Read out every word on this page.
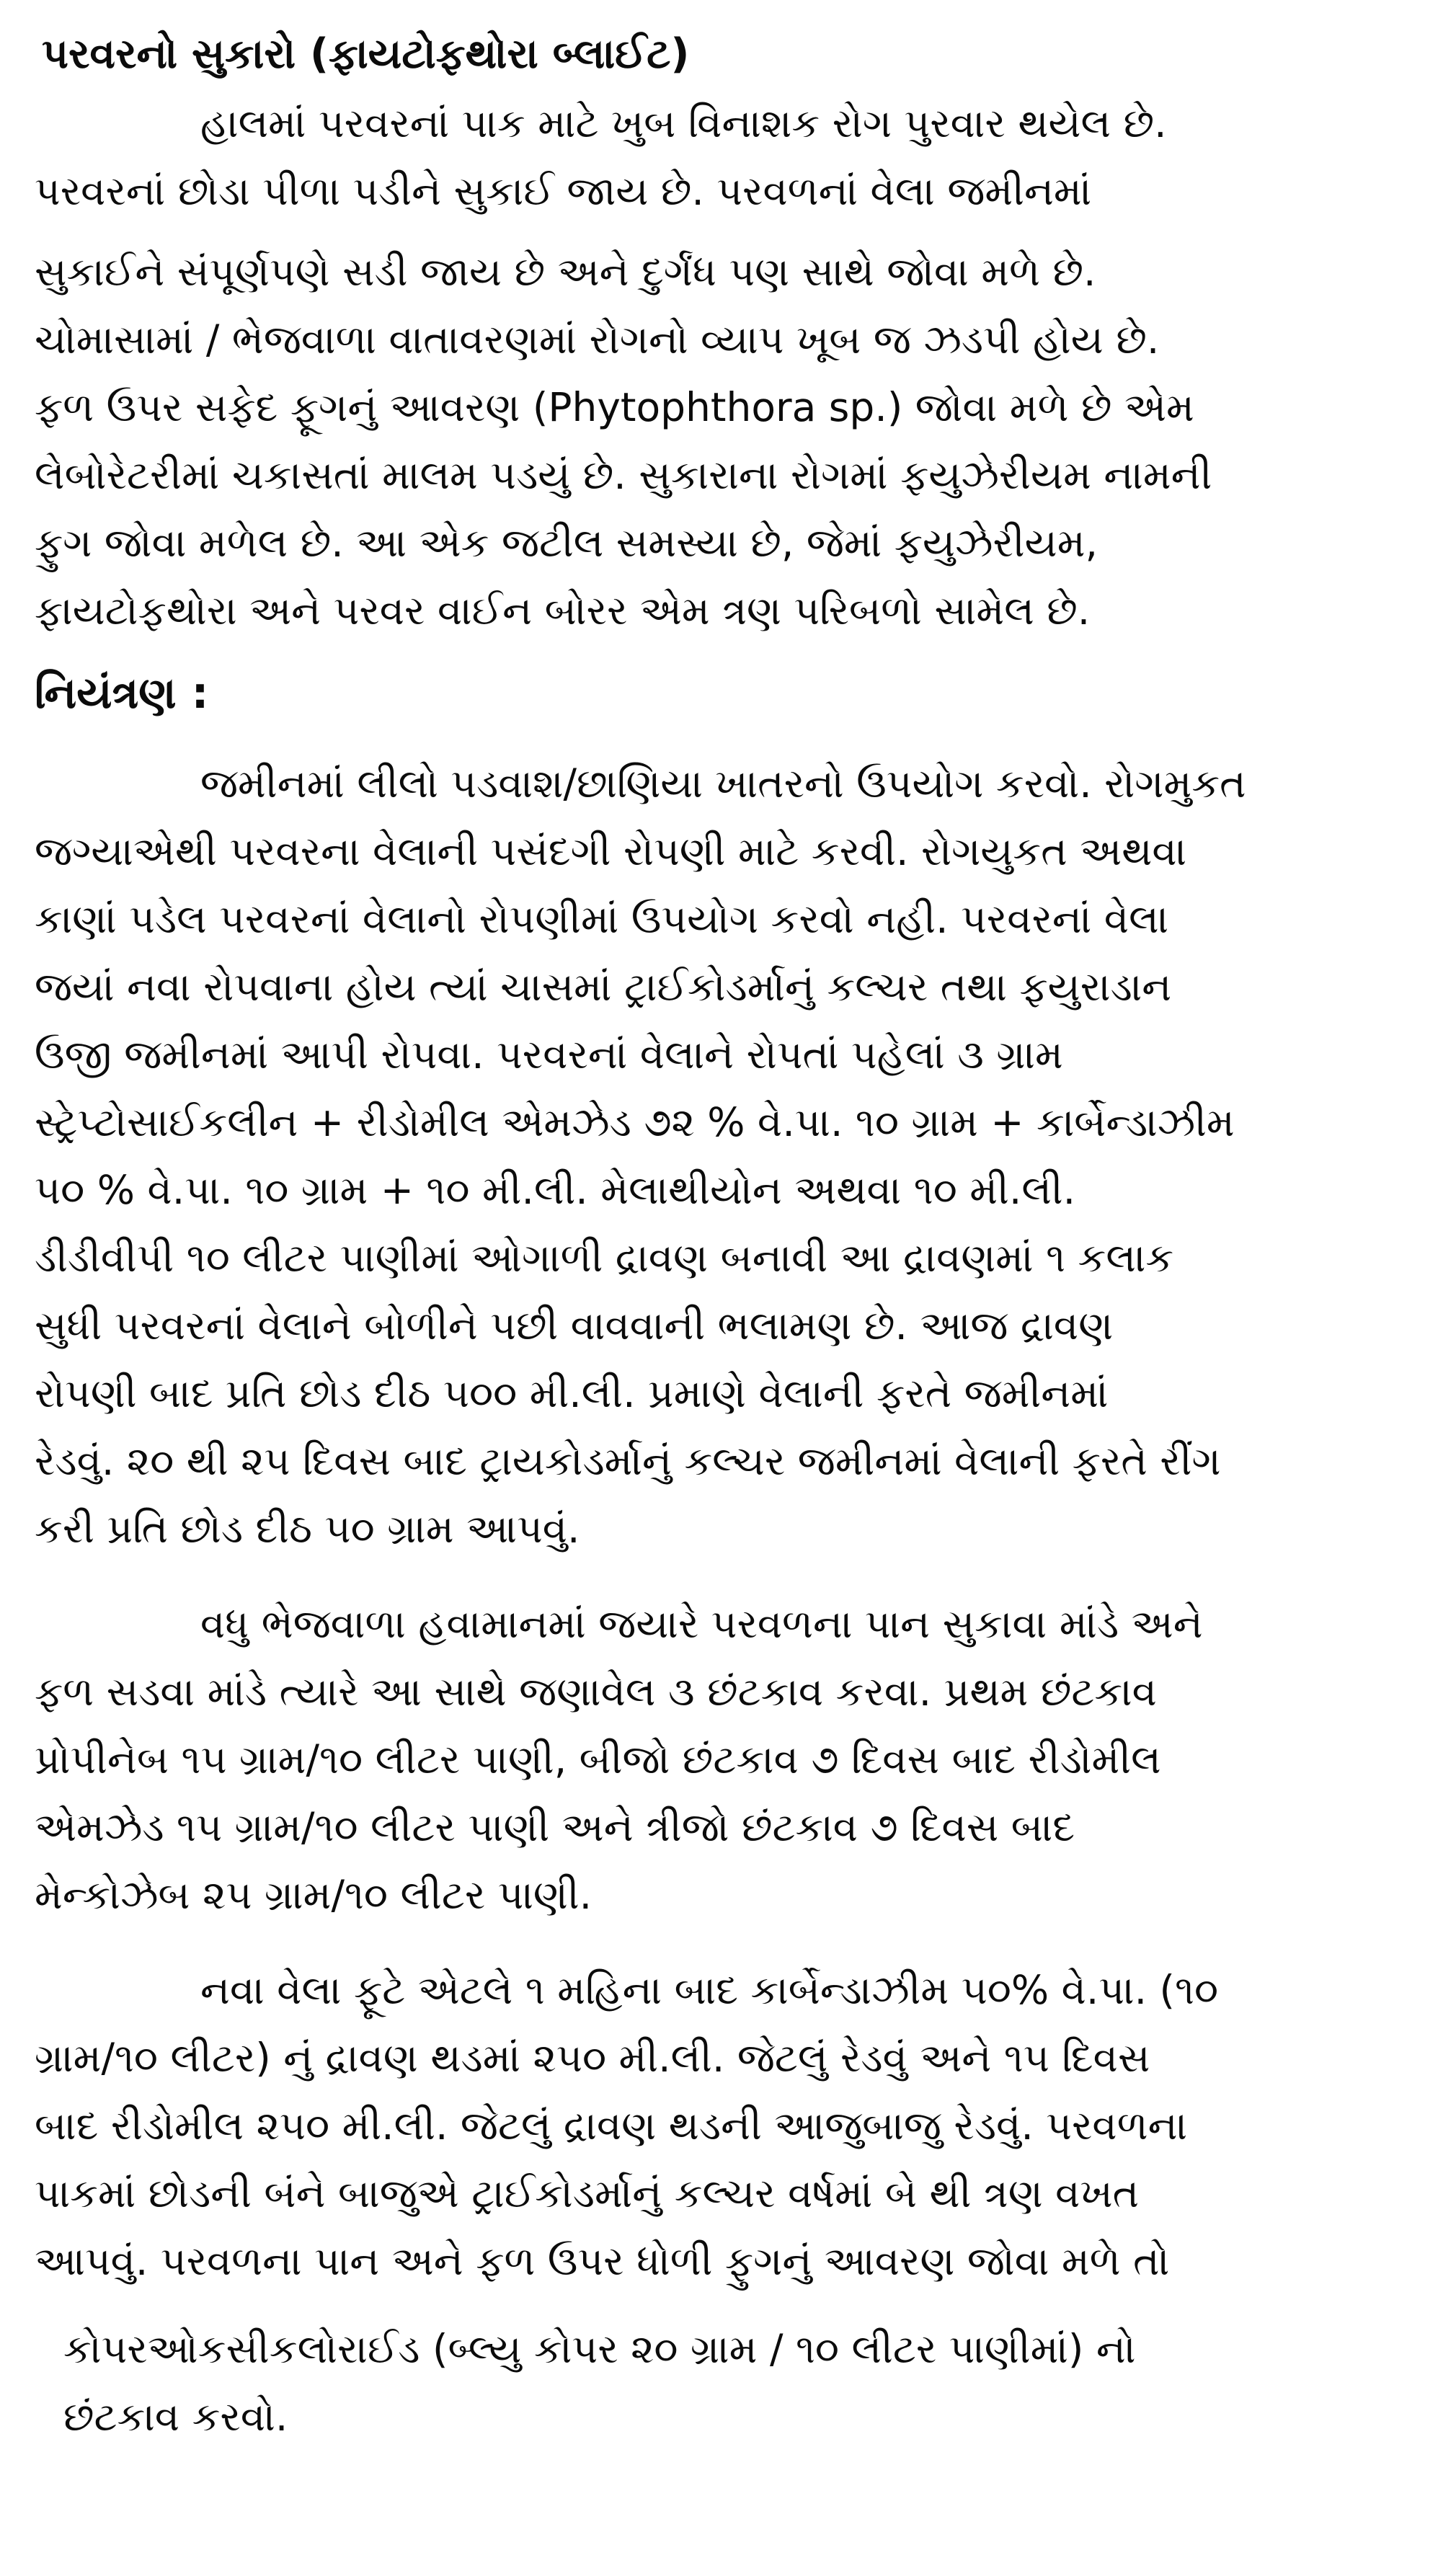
પરવરનો સુકારો (ફાયટોફથોરા બ્લાઈટ)

હાલમાં પરવરનાં પાક માટે ખુબ વિનાશક રોગ પુરવાર થયેલ છે.

પરવરનાં છોડા પીળા પડીને સુકાઈ જાય છે. પરવળનાં વેલા જમીનમાં

સુકાઈને સંપૂર્ણપણે સડી જાય છે અને દુર્ગંધ પણ સાથે જોવા મળે છે.

ચોમાસામાં / ભેજવાળા વાતાવરણમાં રોગનો વ્યાપ ખૂબ જ ઝડપી હોય છે.

ફળ ઉપર સફેદ ફૂગનું આવરણ (Phytophthora sp.) જોવા મળે છે એમ

લેબોરેટરીમાં ચકાસતાં માલમ પડયું છે. સુકારાના રોગમાં ફયુઝેરીયમ નામની

ફુગ જોવા મળેલ છે. આ એક જટીલ સમસ્યા છે, જેમાં ફયુઝેરીયમ,

ફાયટોફથોરા અને પરવર વાઈન બોરર એમ ત્રણ પરિબળો સામેલ છે.

નિયંત્રણ :

જમીનમાં લીલો પડવાશ/છાણિયા ખાતરનો ઉપયોગ કરવો. રોગમુકત

જગ્યાએથી પરવરના વેલાની પસંદગી રોપણી માટે કરવી. રોગયુકત અથવા

કાણાં પડેલ પરવરનાં વેલાનો રોપણીમાં ઉપયોગ કરવો નહી. પરવરનાં વેલા

જયાં નવા રોપવાના હોય ત્યાં ચાસમાં ટ્રાઈકોડર્માનું કલ્ચર તથા ફયુરાડાન

ઉજી જમીનમાં આપી રોપવા. પરવરનાં વેલાને રોપતાં પહેલાં ૩ ગ્રામ

સ્ટ્રેપ્ટોસાઈકલીન + રીડોમીલ એમઝેડ ૭૨ % વે.પા. ૧૦ ગ્રામ + કાર્બેન્ડાઝીમ

૫૦ % વે.પા. ૧૦ ગ્રામ + ૧૦ મી.લી. મેલાથીયોન અથવા ૧૦ મી.લી.

ડીડીવીપી ૧૦ લીટર પાણીમાં ઓગાળી દ્રાવણ બનાવી આ દ્રાવણમાં ૧ કલાક

સુધી પરવરનાં વેલાને બોળીને પછી વાવવાની ભલામણ છે. આજ દ્રાવણ

રોપણી બાદ પ્રતિ છોડ દીઠ ૫૦૦ મી.લી. પ્રમાણે વેલાની ફરતે જમીનમાં

રેડવું. ૨૦ થી ૨૫ દિવસ બાદ ટ્રાયકોડર્માનું કલ્ચર જમીનમાં વેલાની ફરતે રીંગ

કરી પ્રતિ છોડ દીઠ ૫૦ ગ્રામ આપવું.

વધુ ભેજવાળા હવામાનમાં જયારે પરવળના પાન સુકાવા માંડે અને

ફળ સડવા માંડે ત્યારે આ સાથે જણાવેલ ૩ છંટકાવ કરવા. પ્રથમ છંટકાવ

પ્રોપીનેબ ૧૫ ગ્રામ/૧૦ લીટર પાણી, બીજો છંટકાવ ૭ દિવસ બાદ રીડોમીલ

એમઝેડ ૧૫ ગ્રામ/૧૦ લીટર પાણી અને ત્રીજો છંટકાવ ૭ દિવસ બાદ

મેન્કોઝેબ ૨૫ ગ્રામ/૧૦ લીટર પાણી.

નવા વેલા ફૂટે એટલે ૧ મહિના બાદ કાર્બેન્ડાઝીમ ૫૦% વે.પા. (૧૦

ગ્રામ/૧૦ લીટર) નું દ્રાવણ થડમાં ૨૫૦ મી.લી. જેટલું રેડવું અને ૧૫ દિવસ

બાદ રીડોમીલ ૨૫૦ મી.લી. જેટલું દ્રાવણ થડની આજુબાજુ રેડવું. પરવળના

પાકમાં છોડની બંને બાજુએ ટ્રાઈકોડર્માનું કલ્ચર વર્ષમાં બે થી ત્રણ વખત

આપવું. પરવળના પાન અને ફળ ઉપર ધોળી ફુગનું આવરણ જોવા મળે તો

કોપરઓકસીકલોરાઈડ (બ્લ્યુ કોપર ૨૦ ગ્રામ / ૧૦ લીટર પાણીમાં) નો

છંટકાવ કરવો.
